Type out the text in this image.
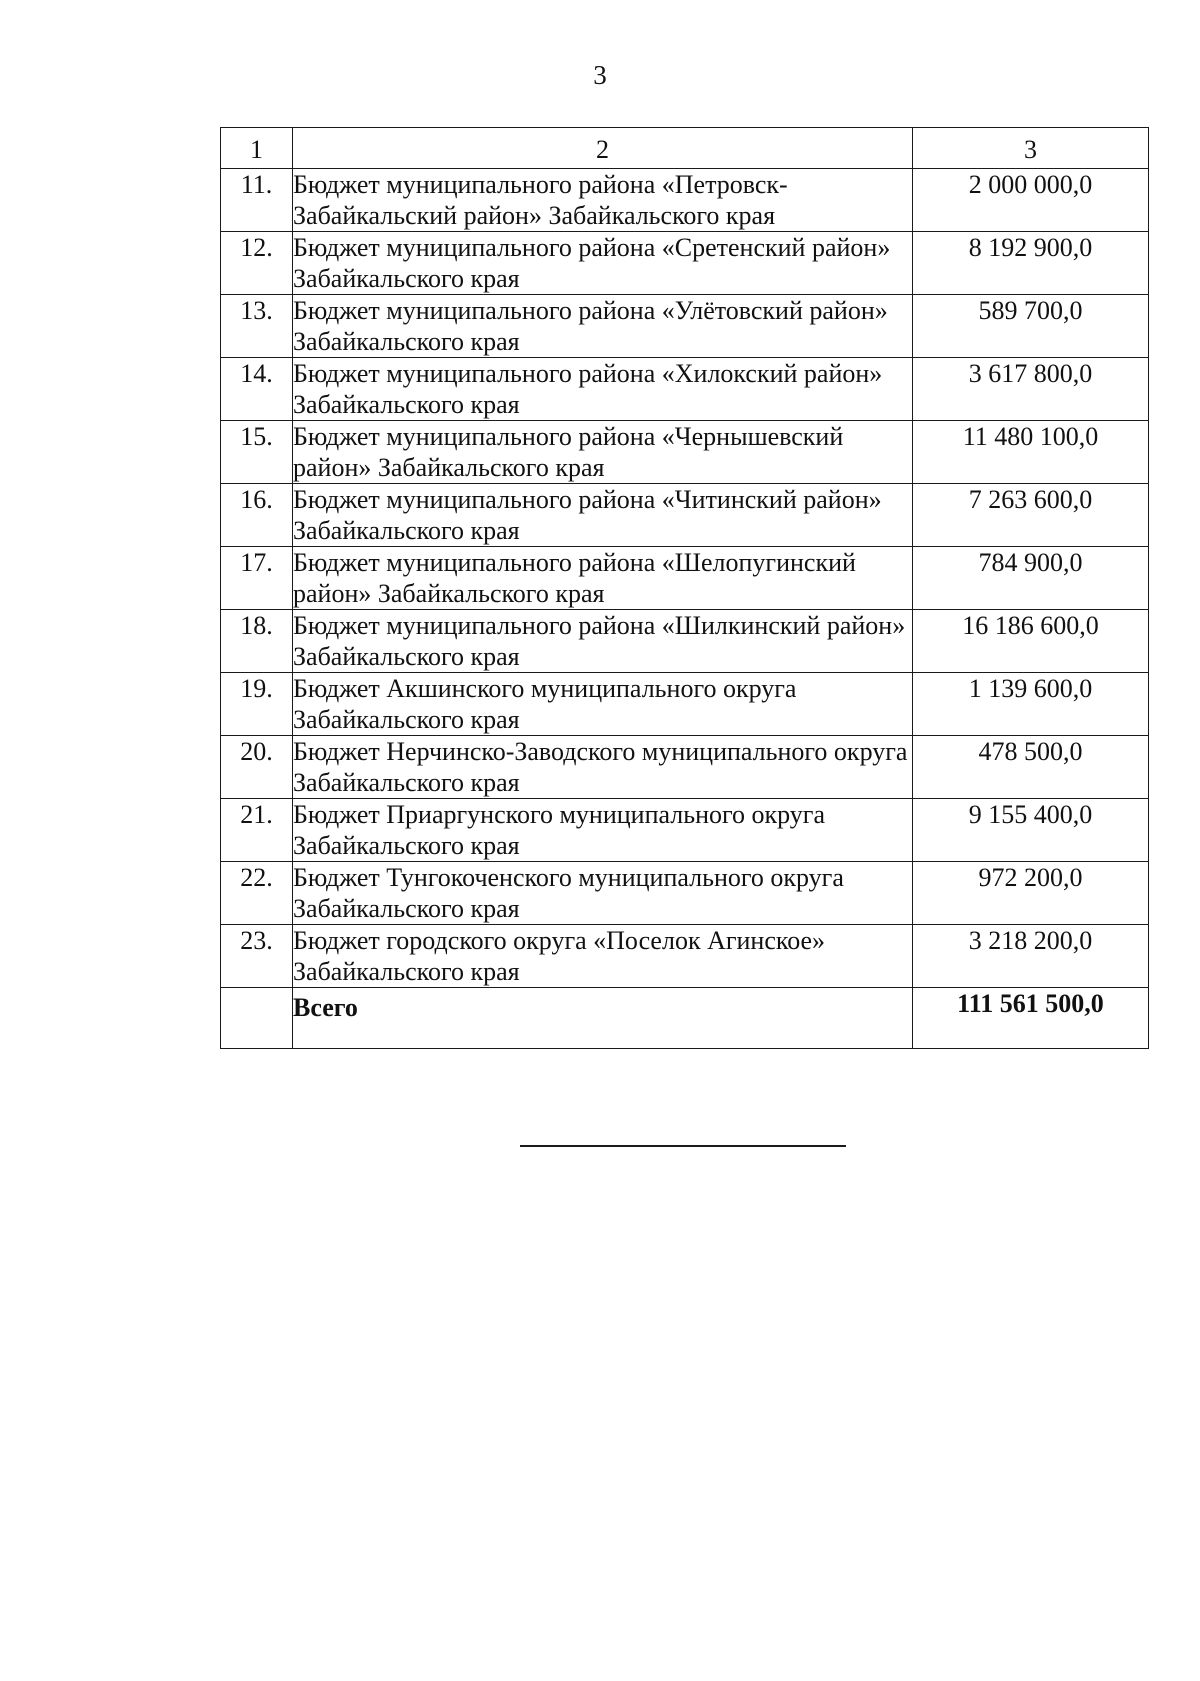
3
1	2	3
11.	Бюджет муниципального района «Петровск-Забайкальский район» Забайкальского края	2 000 000,0
12.	Бюджет муниципального района «Сретенский район» Забайкальского края	8 192 900,0
13.	Бюджет муниципального района «Улётовский район» Забайкальского края	589 700,0
14.	Бюджет муниципального района «Хилокский район» Забайкальского края	3 617 800,0
15.	Бюджет муниципального района «Чернышевский район» Забайкальского края	11 480 100,0
16.	Бюджет муниципального района «Читинский район» Забайкальского края	7 263 600,0
17.	Бюджет муниципального района «Шелопугинский район» Забайкальского края	784 900,0
18.	Бюджет муниципального района «Шилкинский район» Забайкальского края	16 186 600,0
19.	Бюджет Акшинского муниципального округа Забайкальского края	1 139 600,0
20.	Бюджет Нерчинско-Заводского муниципального округа Забайкальского края	478 500,0
21.	Бюджет Приаргунского муниципального округа Забайкальского края	9 155 400,0
22.	Бюджет Тунгокоченского муниципального округа Забайкальского края	972 200,0
23.	Бюджет городского округа «Поселок Агинское» Забайкальского края	3 218 200,0
	Всего	111 561 500,0
